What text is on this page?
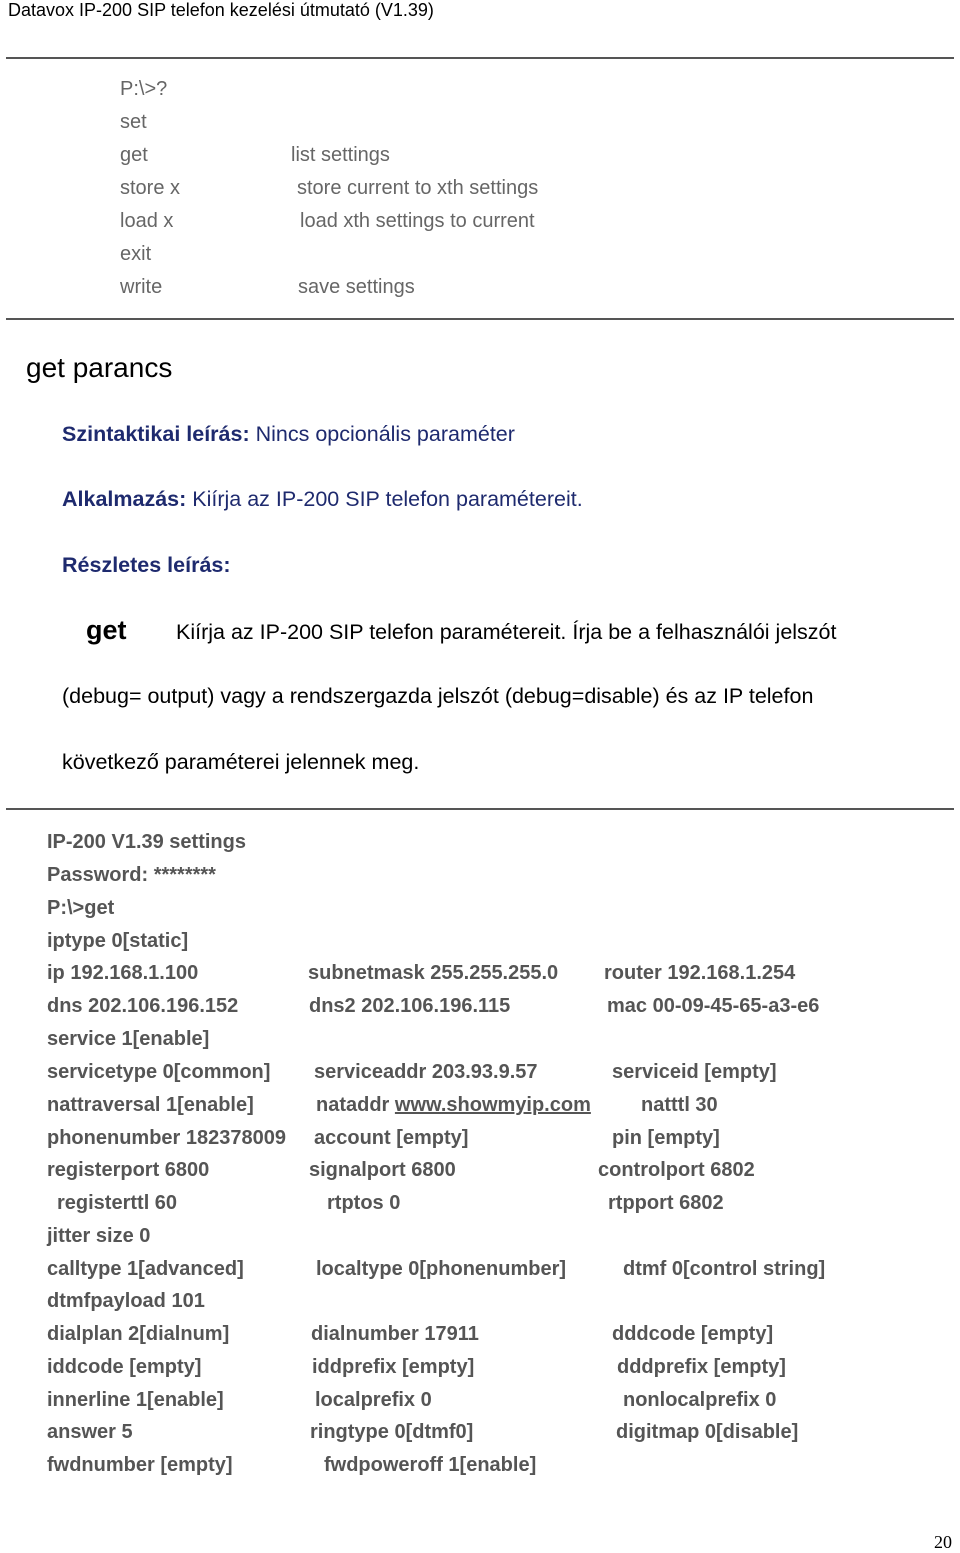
Datavox IP-200 SIP telefon kezelési útmutató (V1.39)
P:\>?
set
get	list settings
store x	store current to xth settings
load x	load xth settings to current
exit
write	save settings
get parancs
Szintaktikai leírás: Nincs opcionális paraméter
Alkalmazás: Kiírja az IP-200 SIP telefon paramétereit.
Részletes leírás:
get Kiírja az IP-200 SIP telefon paramétereit. Írja be a felhasználói jelszót
(debug= output) vagy a rendszergazda jelszót (debug=disable) és az IP telefon
következő paraméterei jelennek meg.
IP-200 V1.39 settings
Password: ********
P:\>get
iptype 0[static]
ip 192.168.1.100	subnetmask 255.255.255.0 router 192.168.1.254
dns 202.106.196.152	dns2 202.106.196.115	mac 00-09-45-65-a3-e6
service 1[enable]
servicetype 0[common] serviceaddr 203.93.9.57	serviceid [empty]
nattraversal 1[enable]	nataddr www.showmyip.com	natttl 30
phonenumber 182378009 account [empty]	pin [empty]
registerport 6800	signalport 6800	controlport 6802
registerttl 60	rtptos 0	rtpport 6802
jitter size 0
calltype 1[advanced]	localtype 0[phonenumber]	dtmf 0[control string]
dtmfpayload 101
dialplan 2[dialnum]	dialnumber 17911	dddcode [empty]
iddcode [empty]	iddprefix [empty]	dddprefix [empty]
innerline 1[enable]	localprefix 0	nonlocalprefix 0
answer 5	ringtype 0[dtmf0]	digitmap 0[disable]
fwdnumber [empty]	fwdpoweroff 1[enable]
20
